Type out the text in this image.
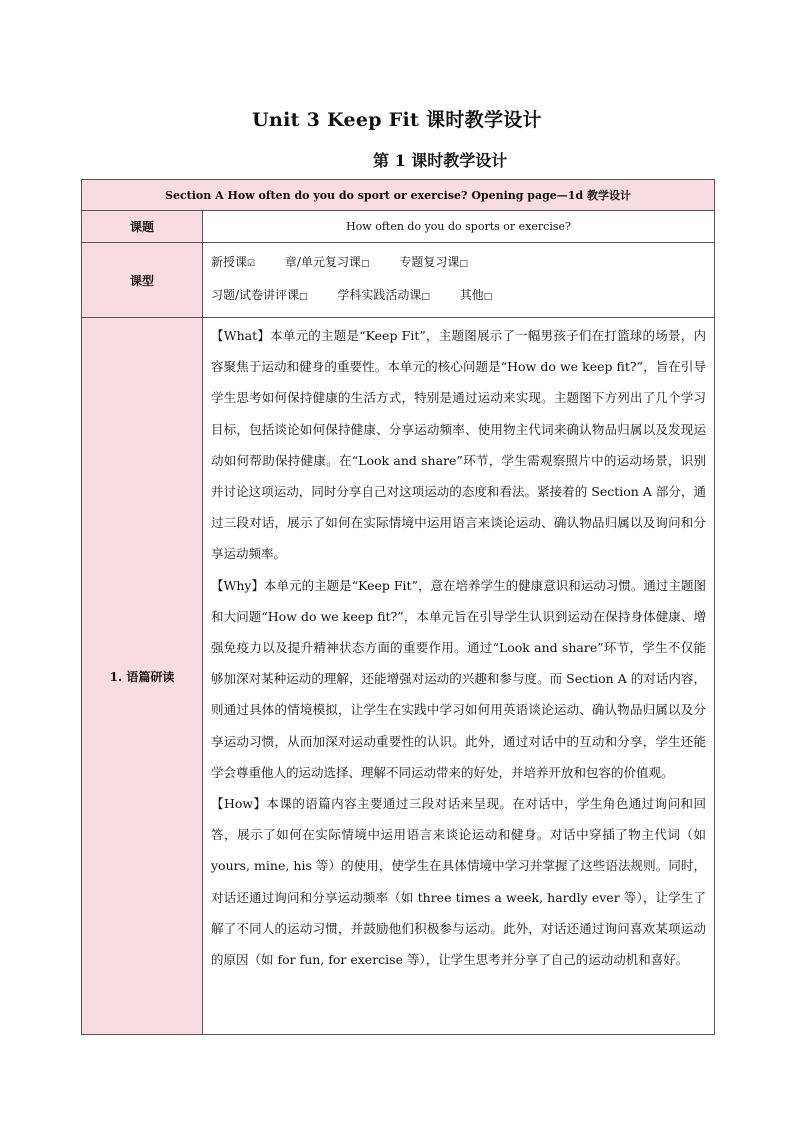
Unit 3 Keep Fit 课时教学设计
第 1 课时教学设计
Section A How often do you do sport or exercise? Opening page—1d 教学设计	
课题	How often do you do sports or exercise?
课型	新授课☑ 章/单元复习课□ 专题复习课□
习题/试卷讲评课□ 学科实践活动课□ 其他□

1. 语篇研读	【What】本单元的主题是“Keep Fit”，主题图展示了一幅男孩子们在打篮球的场景，内容聚焦于运动和健身的重要性。本单元的核心问题是“How do we keep fit?”，旨在引导学生思考如何保持健康的生活方式，特别是通过运动来实现。主题图下方列出了几个学习目标，包括谈论如何保持健康、分享运动频率、使用物主代词来确认物品归属以及发现运动如何帮助保持健康。在“Look and share”环节，学生需观察照片中的运动场景，识别并讨论这项运动，同时分享自己对这项运动的态度和看法。紧接着的 Section A 部分，通过三段对话，展示了如何在实际情境中运用语言来谈论运动、确认物品归属以及询问和分享运动频率。

【Why】本单元的主题是“Keep Fit”，意在培养学生的健康意识和运动习惯。通过主题图和大问题“How do we keep fit?”，本单元旨在引导学生认识到运动在保持身体健康、增强免疫力以及提升精神状态方面的重要作用。通过“Look and share”环节，学生不仅能够加深对某种运动的理解，还能增强对运动的兴趣和参与度。而 Section A 的对话内容，则通过具体的情境模拟，让学生在实践中学习如何用英语谈论运动、确认物品归属以及分享运动习惯，从而加深对运动重要性的认识。此外，通过对话中的互动和分享，学生还能学会尊重他人的运动选择、理解不同运动带来的好处，并培养开放和包容的价值观。

【How】本课的语篇内容主要通过三段对话来呈现。在对话中，学生角色通过询问和回答，展示了如何在实际情境中运用语言来谈论运动和健身。对话中穿插了物主代词（如 yours, mine, his 等）的使用，使学生在具体情境中学习并掌握了这些语法规则。同时，对话还通过询问和分享运动频率（如 three times a week, hardly ever 等），让学生了解了不同人的运动习惯，并鼓励他们积极参与运动。此外，对话还通过询问喜欢某项运动的原因（如 for fun, for exercise 等），让学生思考并分享了自己的运动动机和喜好。
